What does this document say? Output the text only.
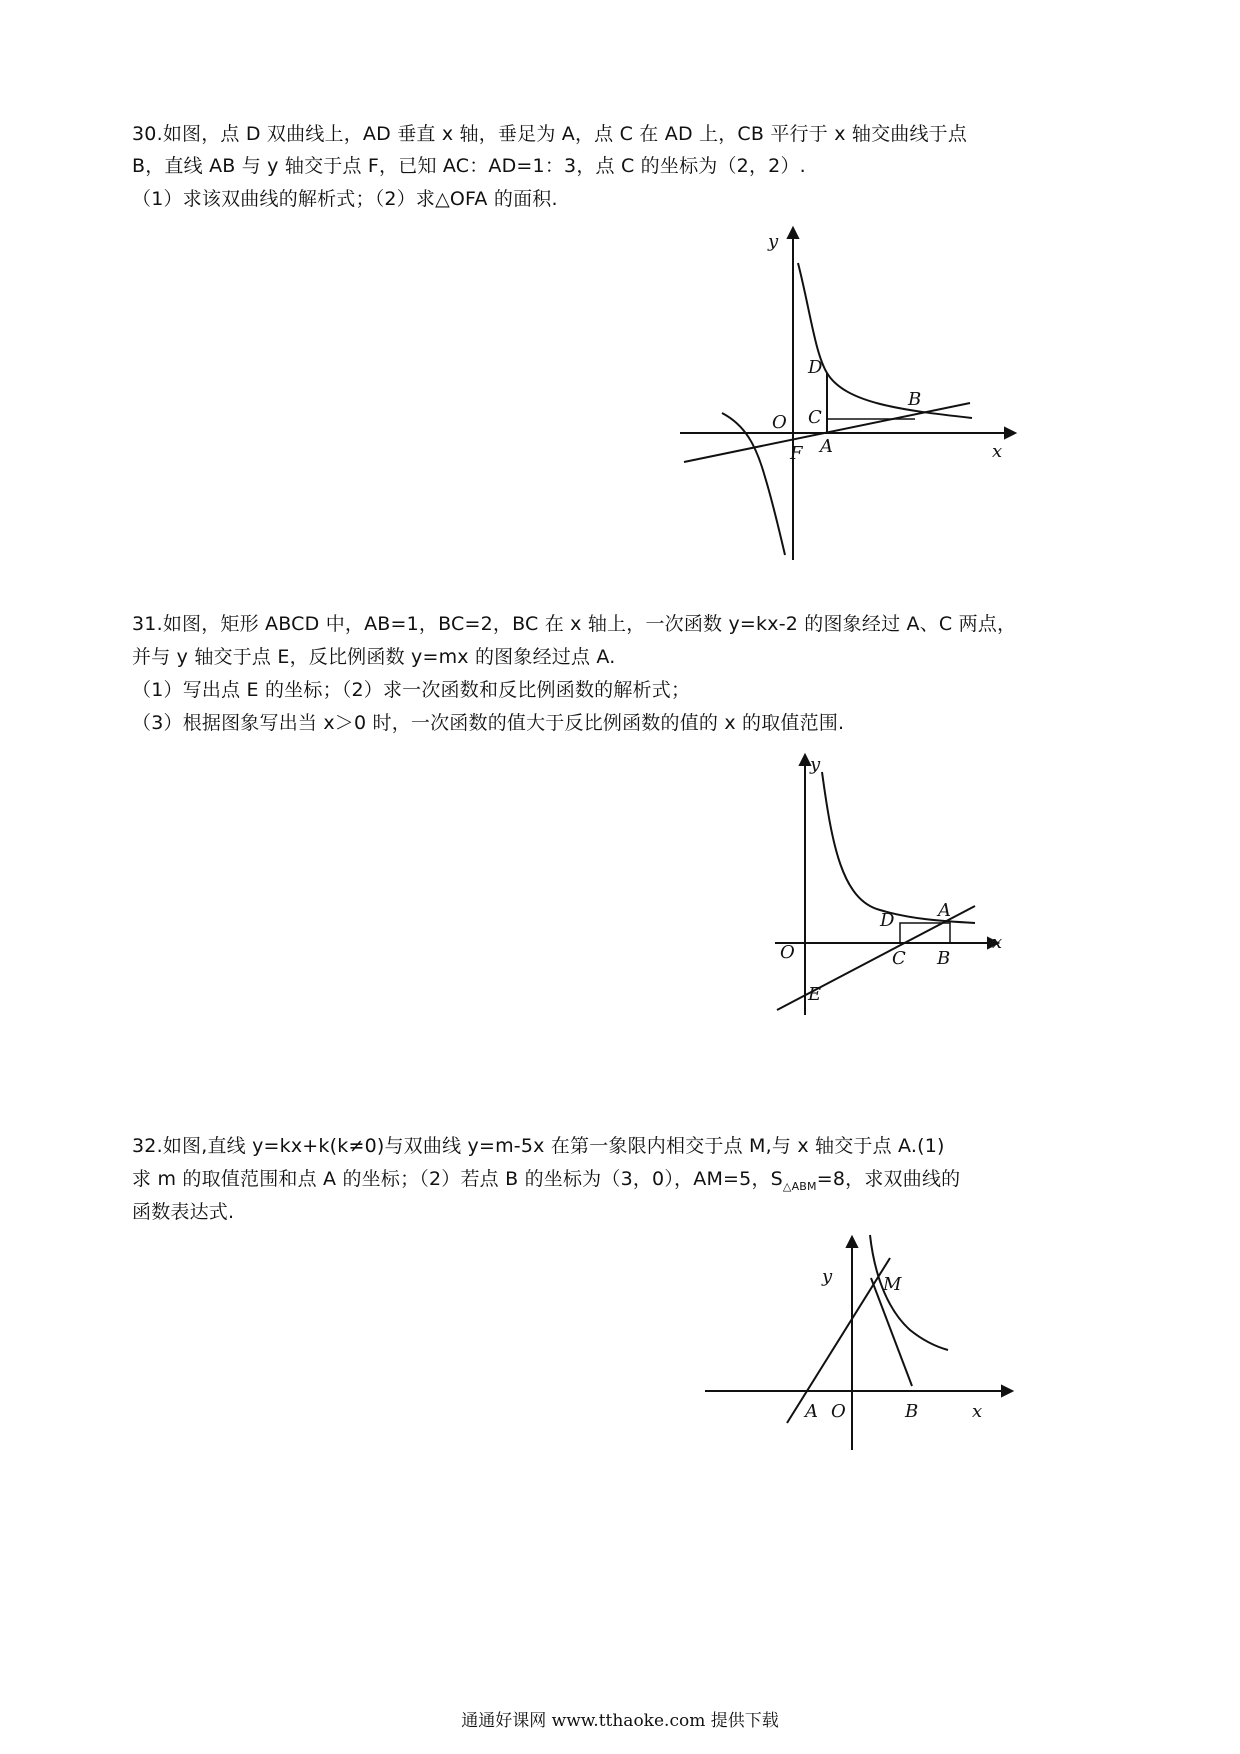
30.如图，点 D 双曲线上，AD 垂直 x 轴，垂足为 A，点 C 在 AD 上，CB 平行于 x 轴交曲线于点

B，直线 AB 与 y 轴交于点 F，已知 AC：AD=1：3，点 C 的坐标为（2，2）.

（1）求该双曲线的解析式；（2）求△OFA 的面积.

y
x
O
D
C
B
A
F

31.如图，矩形 ABCD 中，AB=1，BC=2，BC 在 x 轴上，一次函数 y=kx-2 的图象经过 A、C 两点，

并与 y 轴交于点 E，反比例函数 y=mx 的图象经过点 A.

（1）写出点 E 的坐标；（2）求一次函数和反比例函数的解析式；

（3）根据图象写出当 x＞0 时，一次函数的值大于反比例函数的值的 x 的取值范围.

y
x
O
A
D
C B
E

32.如图,直线 y=kx+k(k≠0)与双曲线 y=m-5x 在第一象限内相交于点 M,与 x 轴交于点 A.(1)

求 m 的取值范围和点 A 的坐标；（2）若点 B 的坐标为（3，0），AM=5，$S_{\triangle ABM}=8$，求双曲线的

函数表达式.

y
x
M
A O	B
通通好课网 www.tthaoke.com 提供下载
